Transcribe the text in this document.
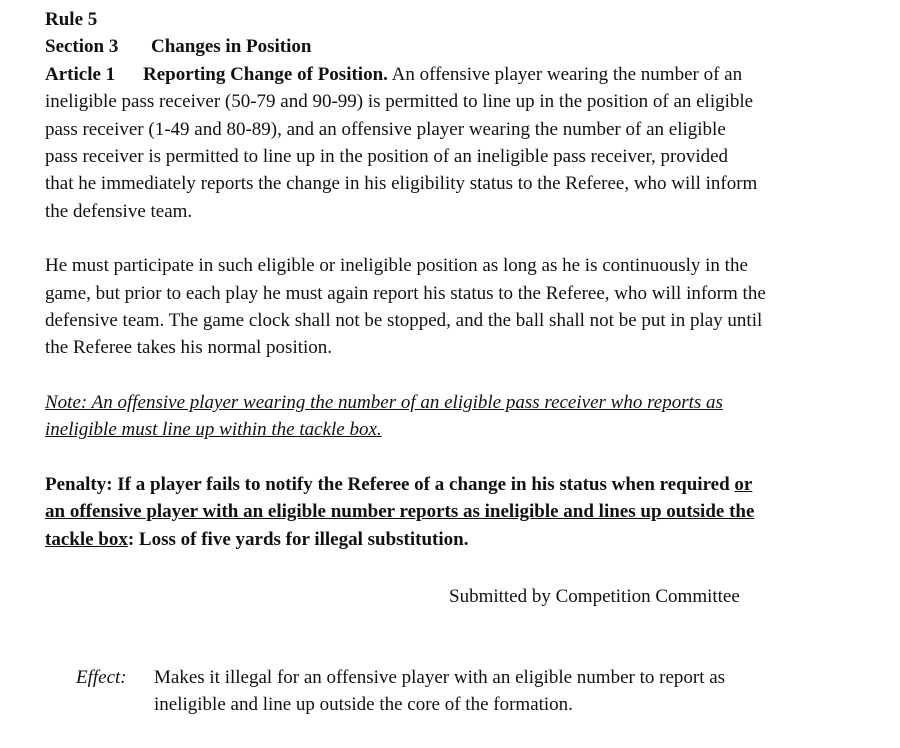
Rule 5
Section 3 Changes in Position
Article 1 Reporting Change of Position. An offensive player wearing the number of an
ineligible pass receiver (50-79 and 90-99) is permitted to line up in the position of an eligible
pass receiver (1-49 and 80-89), and an offensive player wearing the number of an eligible
pass receiver is permitted to line up in the position of an ineligible pass receiver, provided
that he immediately reports the change in his eligibility status to the Referee, who will inform
the defensive team.
He must participate in such eligible or ineligible position as long as he is continuously in the
game, but prior to each play he must again report his status to the Referee, who will inform the
defensive team. The game clock shall not be stopped, and the ball shall not be put in play until
the Referee takes his normal position.
Note: An offensive player wearing the number of an eligible pass receiver who reports as
ineligible must line up within the tackle box.
Penalty: If a player fails to notify the Referee of a change in his status when required or
an offensive player with an eligible number reports as ineligible and lines up outside the
tackle box: Loss of five yards for illegal substitution.
Submitted by Competition Committee
Effect: Makes it illegal for an offensive player with an eligible number to report as
ineligible and line up outside the core of the formation.
